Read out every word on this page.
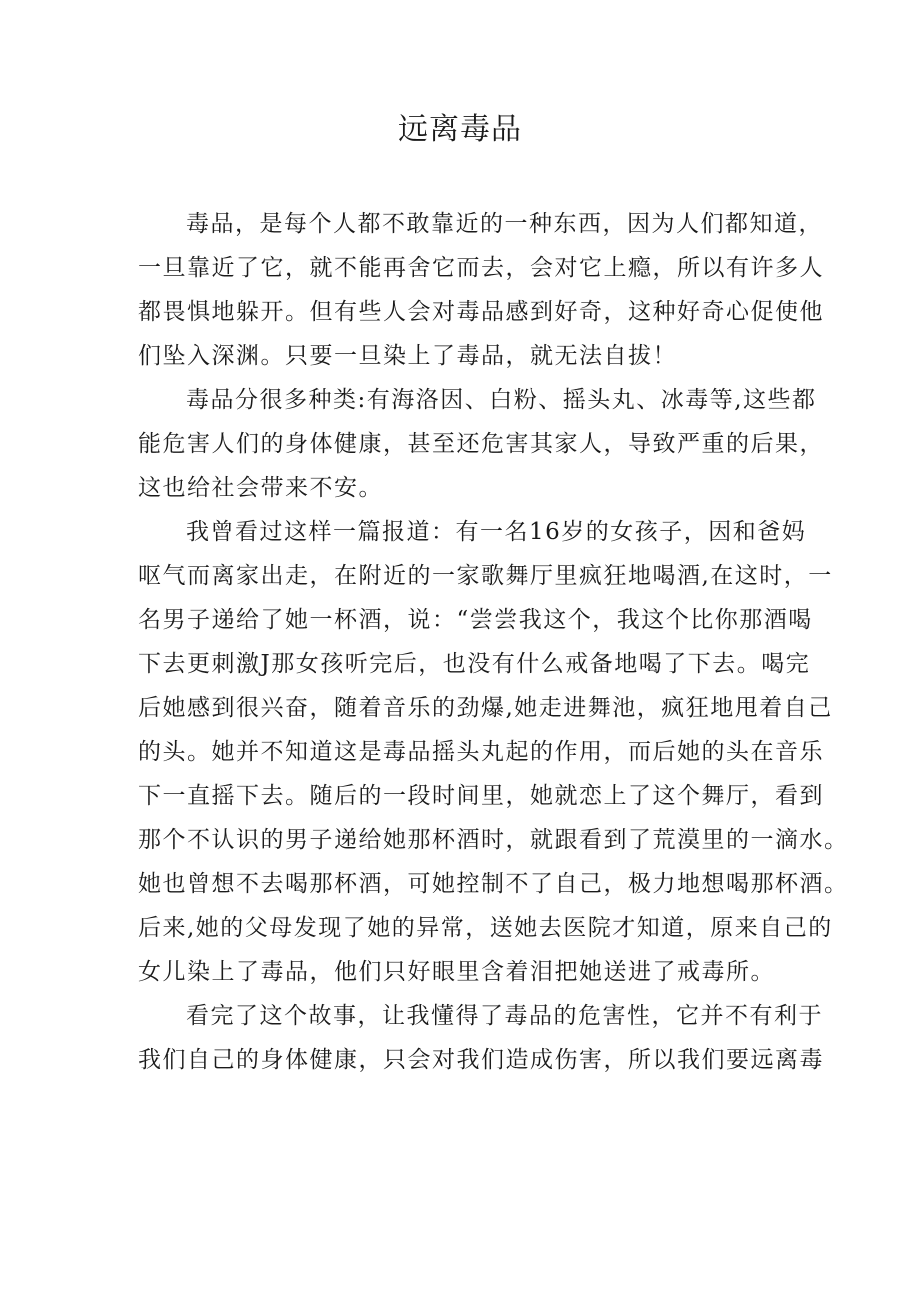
远离毒品
毒品，是每个人都不敢靠近的一种东西，因为人们都知道，
一旦靠近了它，就不能再舍它而去，会对它上瘾，所以有许多人
都畏惧地躲开。但有些人会对毒品感到好奇，这种好奇心促使他
们坠入深渊。只要一旦染上了毒品，就无法自拔！
毒品分很多种类:有海洛因、白粉、摇头丸、冰毒等,这些都
能危害人们的身体健康，甚至还危害其家人，导致严重的后果，
这也给社会带来不安。
我曾看过这样一篇报道：有一名16岁的女孩子，因和爸妈
呕气而离家出走，在附近的一家歌舞厅里疯狂地喝酒,在这时，一
名男子递给了她一杯酒，说：“尝尝我这个，我这个比你那酒喝
下去更刺激J那女孩听完后，也没有什么戒备地喝了下去。喝完
后她感到很兴奋，随着音乐的劲爆,她走进舞池，疯狂地甩着自己
的头。她并不知道这是毒品摇头丸起的作用，而后她的头在音乐
下一直摇下去。随后的一段时间里，她就恋上了这个舞厅，看到
那个不认识的男子递给她那杯酒时，就跟看到了荒漠里的一滴水。
她也曾想不去喝那杯酒，可她控制不了自己，极力地想喝那杯酒。
后来,她的父母发现了她的异常，送她去医院才知道，原来自己的
女儿染上了毒品，他们只好眼里含着泪把她送进了戒毒所。
看完了这个故事，让我懂得了毒品的危害性，它并不有利于
我们自己的身体健康，只会对我们造成伤害，所以我们要远离毒
